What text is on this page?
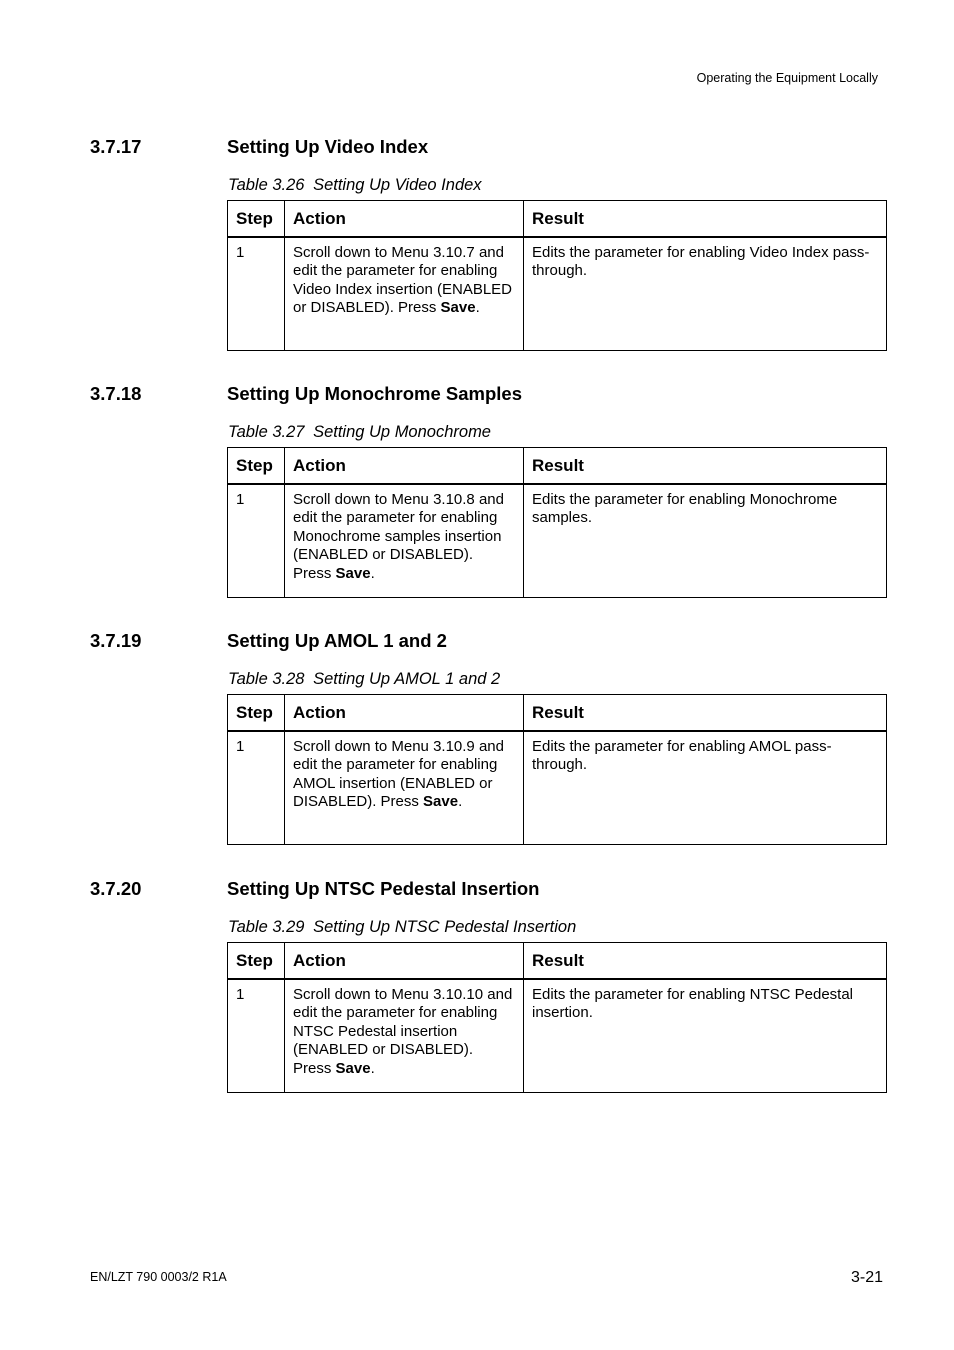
Operating the Equipment Locally
3.7.17	Setting Up Video Index
Table 3.26 Setting Up Video Index
Step	Action	Result
1	Scroll down to Menu 3.10.7 and edit the parameter for enabling Video Index insertion (ENABLED or DISABLED). Press Save.	Edits the parameter for enabling Video Index pass-through.
3.7.18	Setting Up Monochrome Samples
Table 3.27 Setting Up Monochrome
Step	Action	Result
1	Scroll down to Menu 3.10.8 and edit the parameter for enabling Monochrome samples insertion (ENABLED or DISABLED). Press Save.	Edits the parameter for enabling Monochrome samples.
3.7.19	Setting Up AMOL 1 and 2
Table 3.28 Setting Up AMOL 1 and 2
Step	Action	Result
1	Scroll down to Menu 3.10.9 and edit the parameter for enabling AMOL insertion (ENABLED or DISABLED). Press Save.	Edits the parameter for enabling AMOL pass-through.
3.7.20	Setting Up NTSC Pedestal Insertion
Table 3.29 Setting Up NTSC Pedestal Insertion
Step	Action	Result
1	Scroll down to Menu 3.10.10 and edit the parameter for enabling NTSC Pedestal insertion (ENABLED or DISABLED). Press Save.	Edits the parameter for enabling NTSC Pedestal insertion.
EN/LZT 790 0003/2 R1A	3-21
